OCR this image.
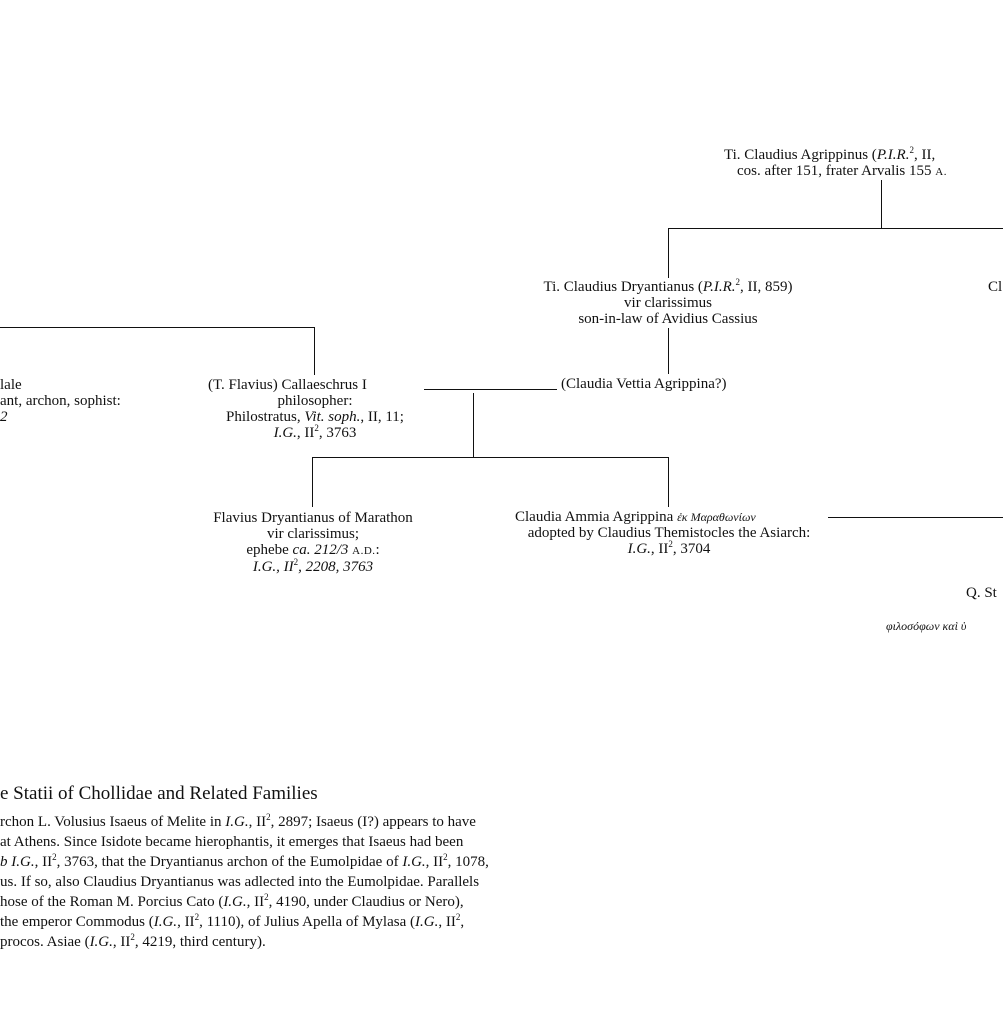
Ti. Claudius Agrippinus (P.I.R.$^2$, II,
cos. after 151, frater Arvalis 155 A.
Ti. Claudius Dryantianus (P.I.R.$^2$, II, 859)
vir clarissimus
son-in-law of Avidius Cassius
Cl
lale
ant, archon, sophist:
2
(T. Flavius) Callaeschrus I
philosopher:
Philostratus, Vit. soph., II, 11;
I.G., $II^2$, 3763
(Claudia Vettia Agrippina?)
Flavius Dryantianus of Marathon
vir clarissimus;
ephebe ca. 212/3 A.D.:
I.G., $II^2$, 2208, 3763
Claudia Ammia Agrippina ἐκ Μαραθωνίων
adopted by Claudius Themistocles the Asiarch:
I.G., $II^2$, 3704
Q. St
φιλοσόφων καὶ ὑ
e Statii of Chollidae and Related Families
rchon L. Volusius Isaeus of Melite in I.G., $II^2$, 2897; Isaeus (I?) appears to have
at Athens. Since Isidote became hierophantis, it emerges that Isaeus had been
b I.G., $II^2$, 3763, that the Dryantianus archon of the Eumolpidae of I.G., $II^2$, 1078,
us. If so, also Claudius Dryantianus was adlected into the Eumolpidae. Parallels
hose of the Roman M. Porcius Cato (I.G., $II^2$, 4190, under Claudius or Nero),
the emperor Commodus (I.G., $II^2$, 1110), of Julius Apella of Mylasa (I.G., $II^2$,
procos. Asiae (I.G., $II^2$, 4219, third century).
